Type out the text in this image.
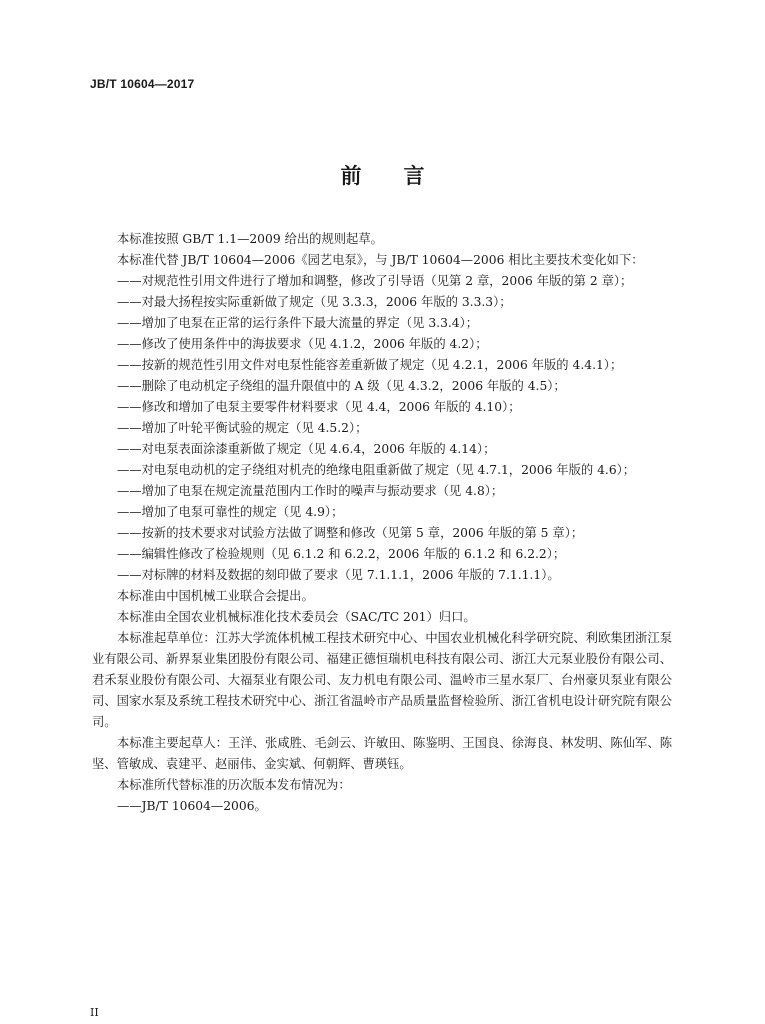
JB/T 10604—2017
前言
本标准按照 GB/T 1.1—2009 给出的规则起草。
本标准代替 JB/T 10604—2006《园艺电泵》，与 JB/T 10604—2006 相比主要技术变化如下：
——对规范性引用文件进行了增加和调整，修改了引导语（见第 2 章，2006 年版的第 2 章）；
——对最大扬程按实际重新做了规定（见 3.3.3，2006 年版的 3.3.3）；
——增加了电泵在正常的运行条件下最大流量的界定（见 3.3.4）；
——修改了使用条件中的海拔要求（见 4.1.2，2006 年版的 4.2）；
——按新的规范性引用文件对电泵性能容差重新做了规定（见 4.2.1，2006 年版的 4.4.1）；
——删除了电动机定子绕组的温升限值中的 A 级（见 4.3.2，2006 年版的 4.5）；
——修改和增加了电泵主要零件材料要求（见 4.4，2006 年版的 4.10）；
——增加了叶轮平衡试验的规定（见 4.5.2）；
——对电泵表面涂漆重新做了规定（见 4.6.4，2006 年版的 4.14）；
——对电泵电动机的定子绕组对机壳的绝缘电阻重新做了规定（见 4.7.1，2006 年版的 4.6）；
——增加了电泵在规定流量范围内工作时的噪声与振动要求（见 4.8）；
——增加了电泵可靠性的规定（见 4.9）；
——按新的技术要求对试验方法做了调整和修改（见第 5 章，2006 年版的第 5 章）；
——编辑性修改了检验规则（见 6.1.2 和 6.2.2，2006 年版的 6.1.2 和 6.2.2）；
——对标牌的材料及数据的刻印做了要求（见 7.1.1.1，2006 年版的 7.1.1.1）。
本标准由中国机械工业联合会提出。
本标准由全国农业机械标准化技术委员会（SAC/TC 201）归口。
本标准起草单位：江苏大学流体机械工程技术研究中心、中国农业机械化科学研究院、利欧集团浙江泵业有限公司、新界泵业集团股份有限公司、福建正德恒瑞机电科技有限公司、浙江大元泵业股份有限公司、君禾泵业股份有限公司、大福泵业有限公司、友力机电有限公司、温岭市三星水泵厂、台州豪贝泵业有限公司、国家水泵及系统工程技术研究中心、浙江省温岭市产品质量监督检验所、浙江省机电设计研究院有限公司。
本标准主要起草人：王洋、张咸胜、毛剑云、许敏田、陈鉴明、王国良、徐海良、林发明、陈仙军、陈坚、管敏成、袁建平、赵丽伟、金实斌、何朝辉、曹瑛钰。
本标准所代替标准的历次版本发布情况为：
——JB/T 10604—2006。
II
